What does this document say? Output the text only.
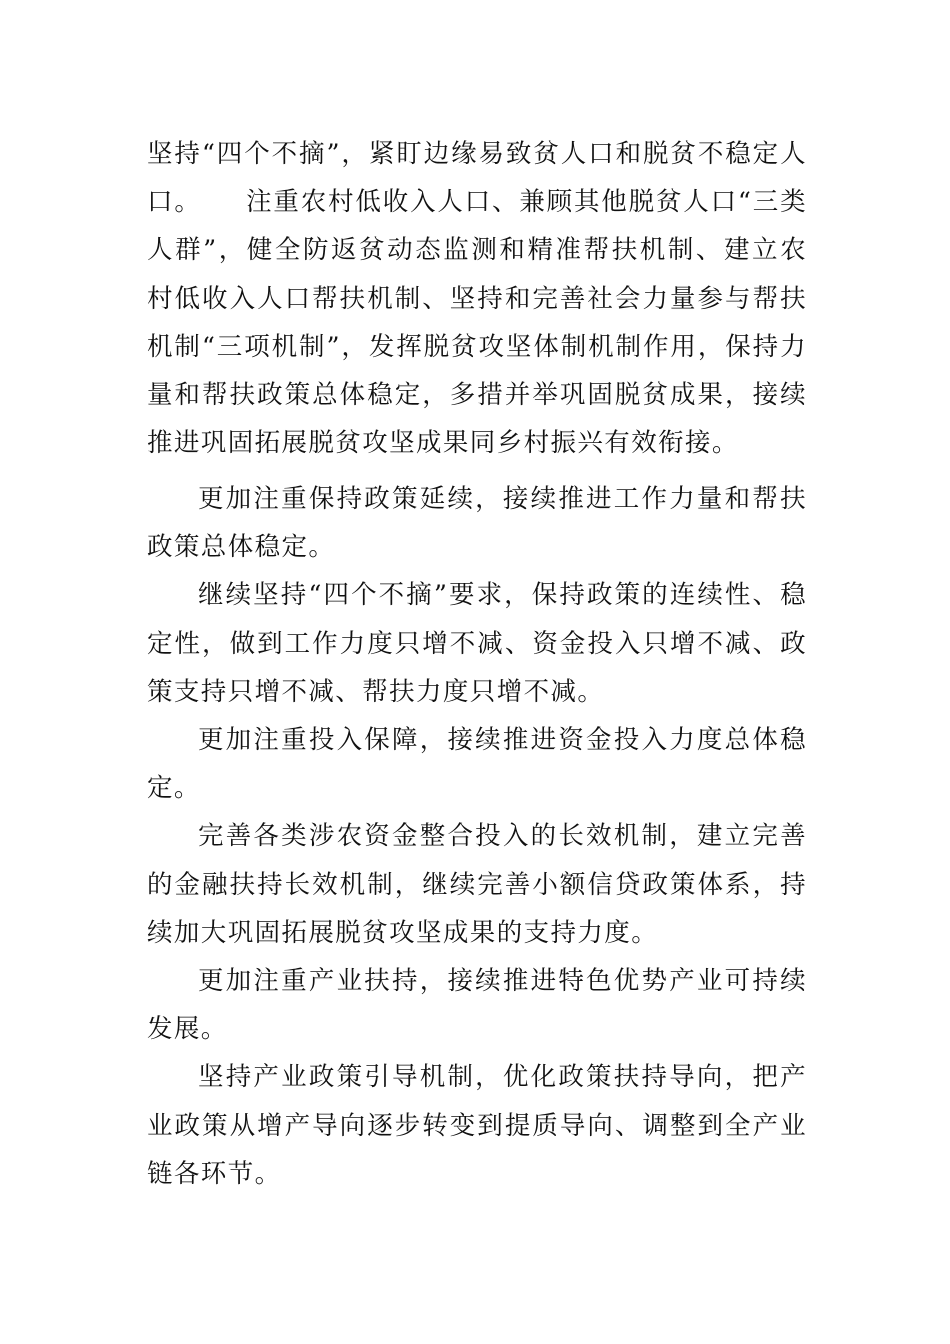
坚持“四个不摘”，紧盯边缘易致贫人口和脱贫不稳定人口。 注重农村低收入人口、兼顾其他脱贫人口“三类人群”，健全防返贫动态监测和精准帮扶机制、建立农村低收入人口帮扶机制、坚持和完善社会力量参与帮扶机制“三项机制”，发挥脱贫攻坚体制机制作用，保持力量和帮扶政策总体稳定，多措并举巩固脱贫成果，接续推进巩固拓展脱贫攻坚成果同乡村振兴有效衔接。

更加注重保持政策延续，接续推进工作力量和帮扶政策总体稳定。

继续坚持“四个不摘”要求，保持政策的连续性、稳定性，做到工作力度只增不减、资金投入只增不减、政策支持只增不减、帮扶力度只增不减。

更加注重投入保障，接续推进资金投入力度总体稳定。

完善各类涉农资金整合投入的长效机制，建立完善的金融扶持长效机制，继续完善小额信贷政策体系，持续加大巩固拓展脱贫攻坚成果的支持力度。

更加注重产业扶持，接续推进特色优势产业可持续发展。

坚持产业政策引导机制，优化政策扶持导向，把产业政策从增产导向逐步转变到提质导向、调整到全产业链各环节。
